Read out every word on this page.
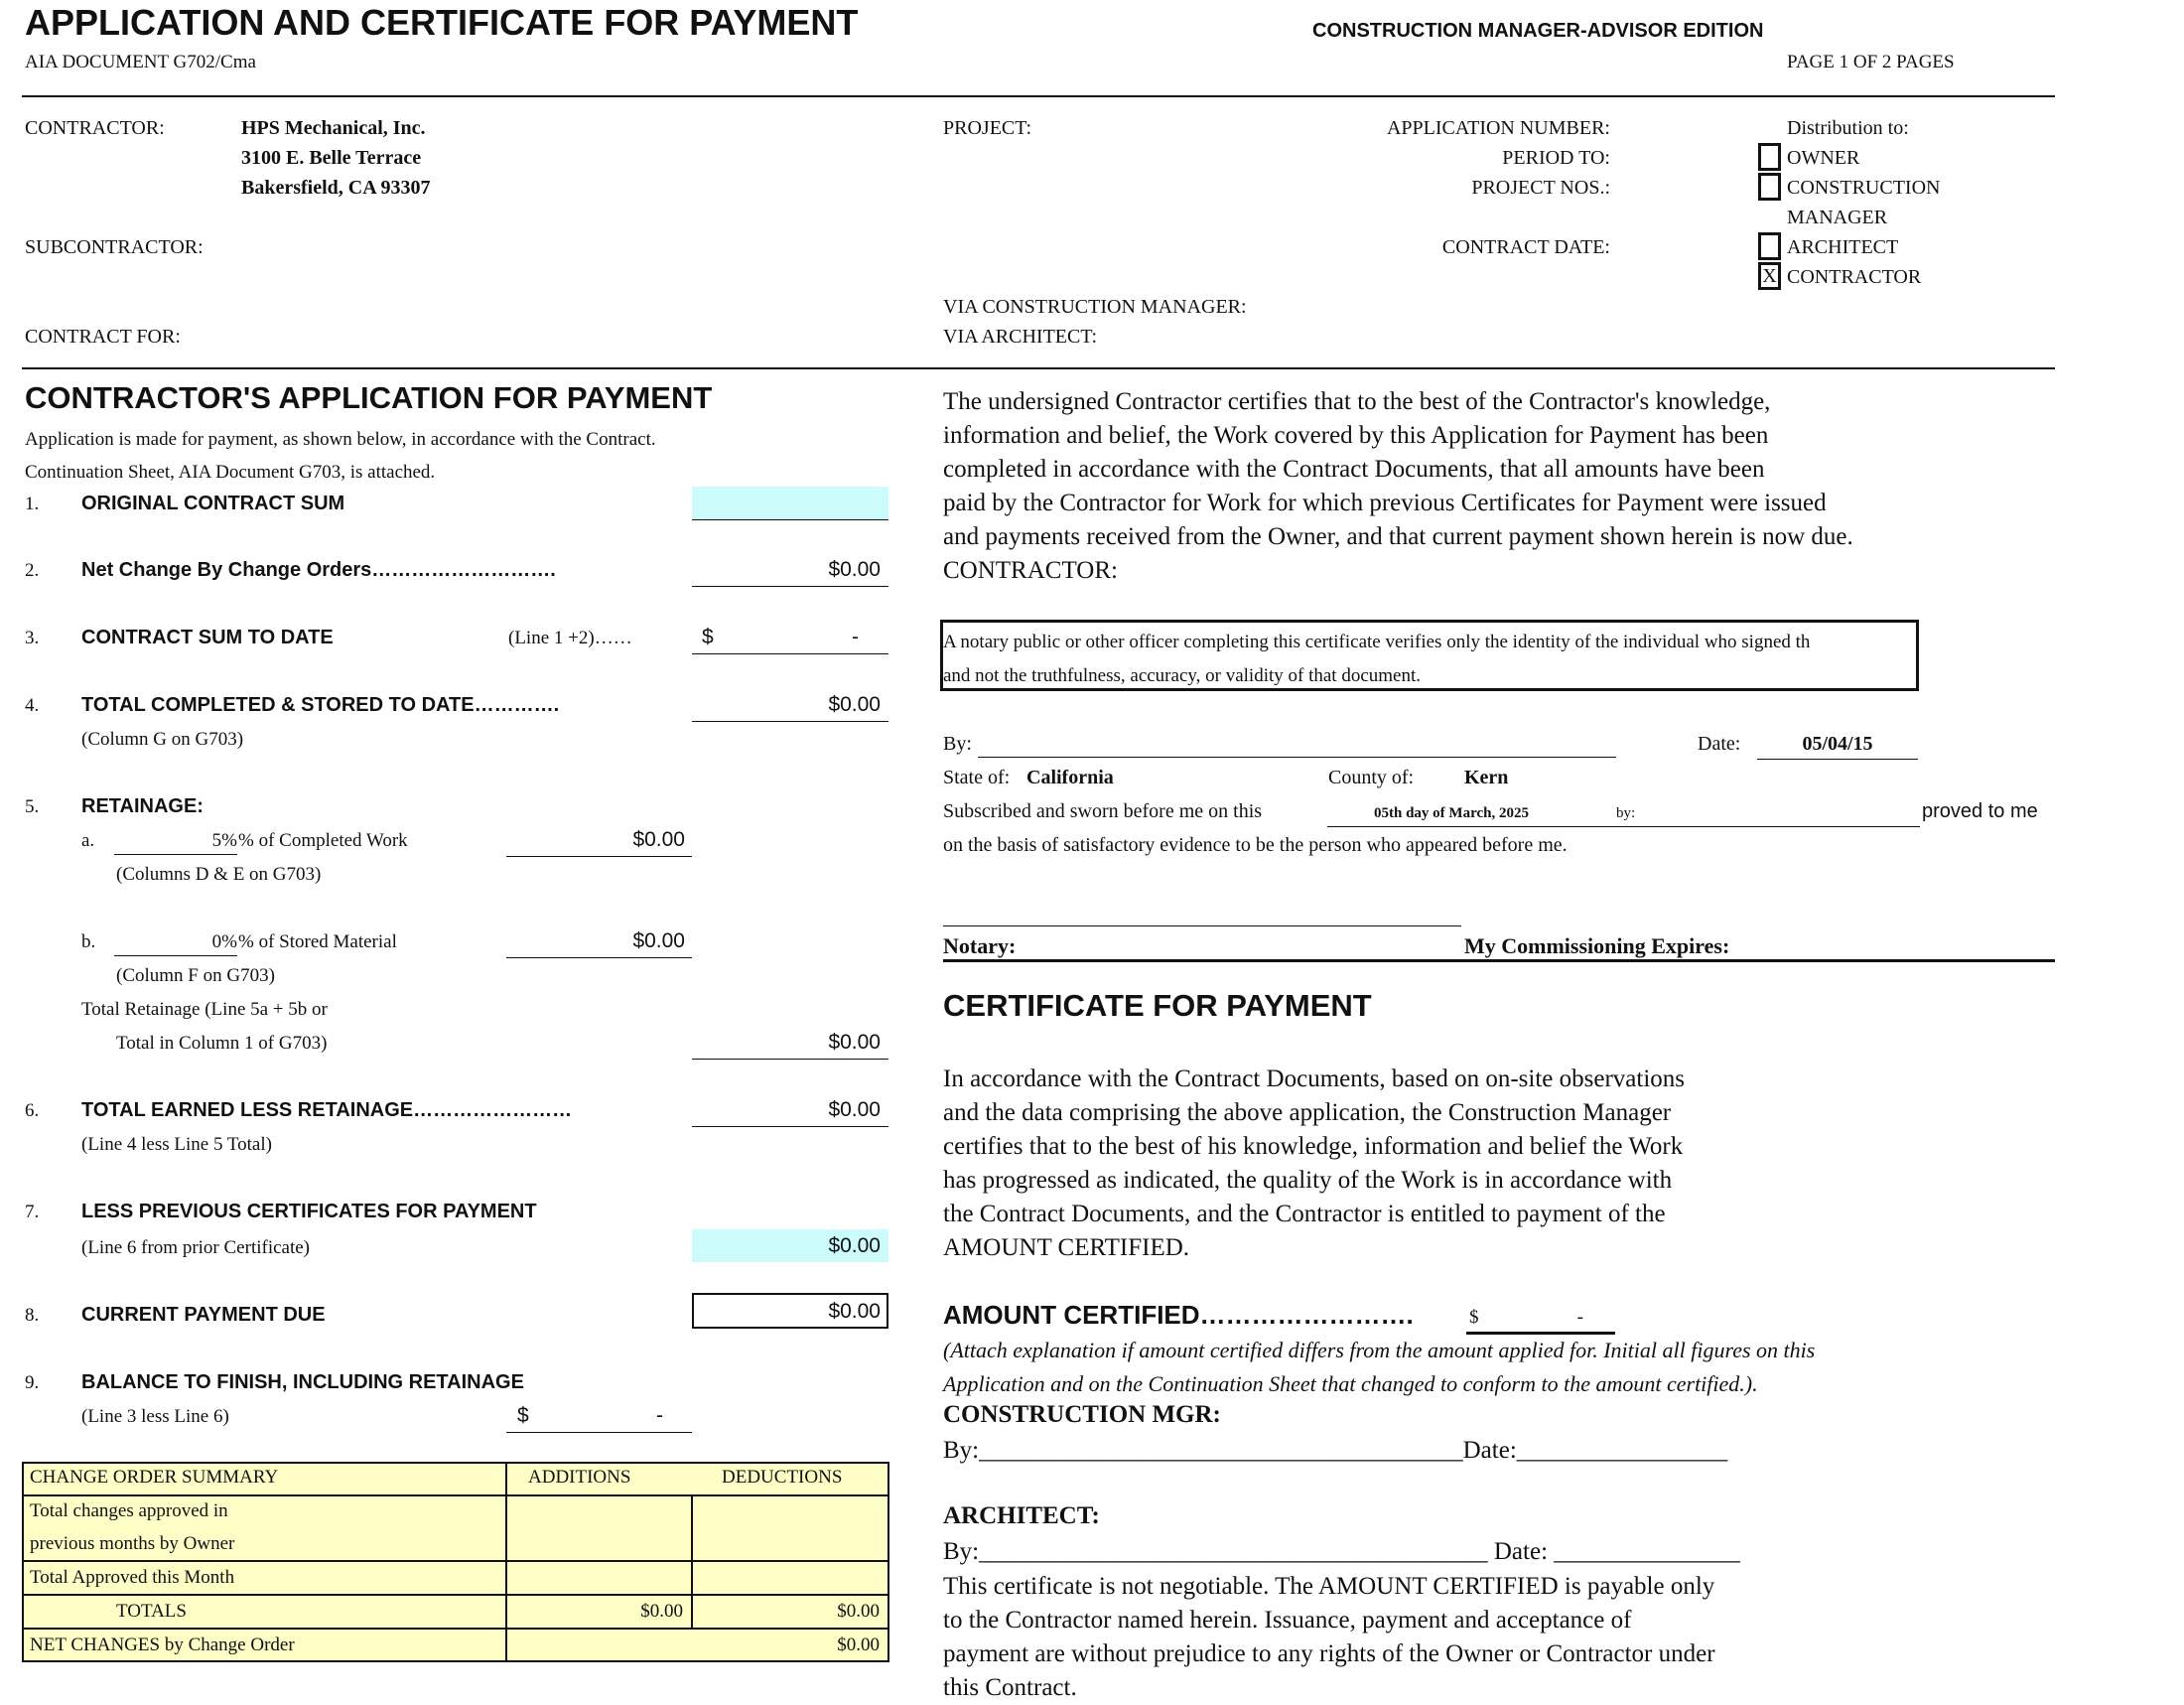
APPLICATION AND CERTIFICATE FOR PAYMENT
AIA DOCUMENT G702/Cma
CONSTRUCTION MANAGER-ADVISOR EDITION
PAGE 1 OF 2 PAGES
CONTRACTOR:	HPS Mechanical, Inc.
3100 E. Belle Terrace
Bakersfield, CA 93307
SUBCONTRACTOR:
CONTRACT FOR:
PROJECT:
VIA CONSTRUCTION MANAGER:
VIA ARCHITECT:
APPLICATION NUMBER:
PERIOD TO:
PROJECT NOS.:
CONTRACT DATE:
Distribution to:
OWNER
CONSTRUCTION
MANAGER
ARCHITECT
X CONTRACTOR
CONTRACTOR'S APPLICATION FOR PAYMENT
Application is made for payment, as shown below, in accordance with the Contract.
Continuation Sheet, AIA Document G703, is attached.
1. ORIGINAL CONTRACT SUM
2. Net Change By Change Orders……………………….	$0.00
3. CONTRACT SUM TO DATE	(Line 1 +2)……	$	-
4. TOTAL COMPLETED & STORED TO DATE………….	$0.00
(Column G on G703)
5. RETAINAGE:
a.	5% % of Completed Work	$0.00
(Columns D & E on G703)
b.	0% % of Stored Material	$0.00
(Column F on G703)
Total Retainage (Line 5a + 5b or
Total in Column 1 of G703)	$0.00
6. TOTAL EARNED LESS RETAINAGE……………………	$0.00
(Line 4 less Line 5 Total)
7. LESS PREVIOUS CERTIFICATES FOR PAYMENT
(Line 6 from prior Certificate)	$0.00
8. CURRENT PAYMENT DUE	$0.00
9. BALANCE TO FINISH, INCLUDING RETAINAGE
(Line 3 less Line 6)	$	-
CHANGE ORDER SUMMARY	ADDITIONS	DEDUCTIONS
Total changes approved in
previous months by Owner
Total Approved this Month
TOTALS	$0.00	$0.00
NET CHANGES by Change Order	$0.00
The undersigned Contractor certifies that to the best of the Contractor's knowledge,
information and belief, the Work covered by this Application for Payment has been
completed in accordance with the Contract Documents, that all amounts have been
paid by the Contractor for Work for which previous Certificates for Payment were issued
and payments received from the Owner, and that current payment shown herein is now due.
CONTRACTOR:
A notary public or other officer completing this certificate verifies only the identity of the individual who signed th
and not the truthfulness, accuracy, or validity of that document.
By:	Date:	05/04/15
State of: California	County of:	Kern
Subscribed and sworn before me on this	05th day of March, 2025	by:	proved to me
on the basis of satisfactory evidence to be the person who appeared before me.
Notary:	My Commissioning Expires:
CERTIFICATE FOR PAYMENT
In accordance with the Contract Documents, based on on-site observations
and the data comprising the above application, the Construction Manager
certifies that to the best of his knowledge, information and belief the Work
has progressed as indicated, the quality of the Work is in accordance with
the Contract Documents, and the Contractor is entitled to payment of the
AMOUNT CERTIFIED.
AMOUNT CERTIFIED…………………….	$	-
(Attach explanation if amount certified differs from the amount applied for. Initial all figures on this
Application and on the Continuation Sheet that changed to conform to the amount certified.).
CONSTRUCTION MGR:
By:_______________________________________Date:_________________
ARCHITECT:
By:_________________________________________ Date: _______________
This certificate is not negotiable. The AMOUNT CERTIFIED is payable only
to the Contractor named herein. Issuance, payment and acceptance of
payment are without prejudice to any rights of the Owner or Contractor under
this Contract.
